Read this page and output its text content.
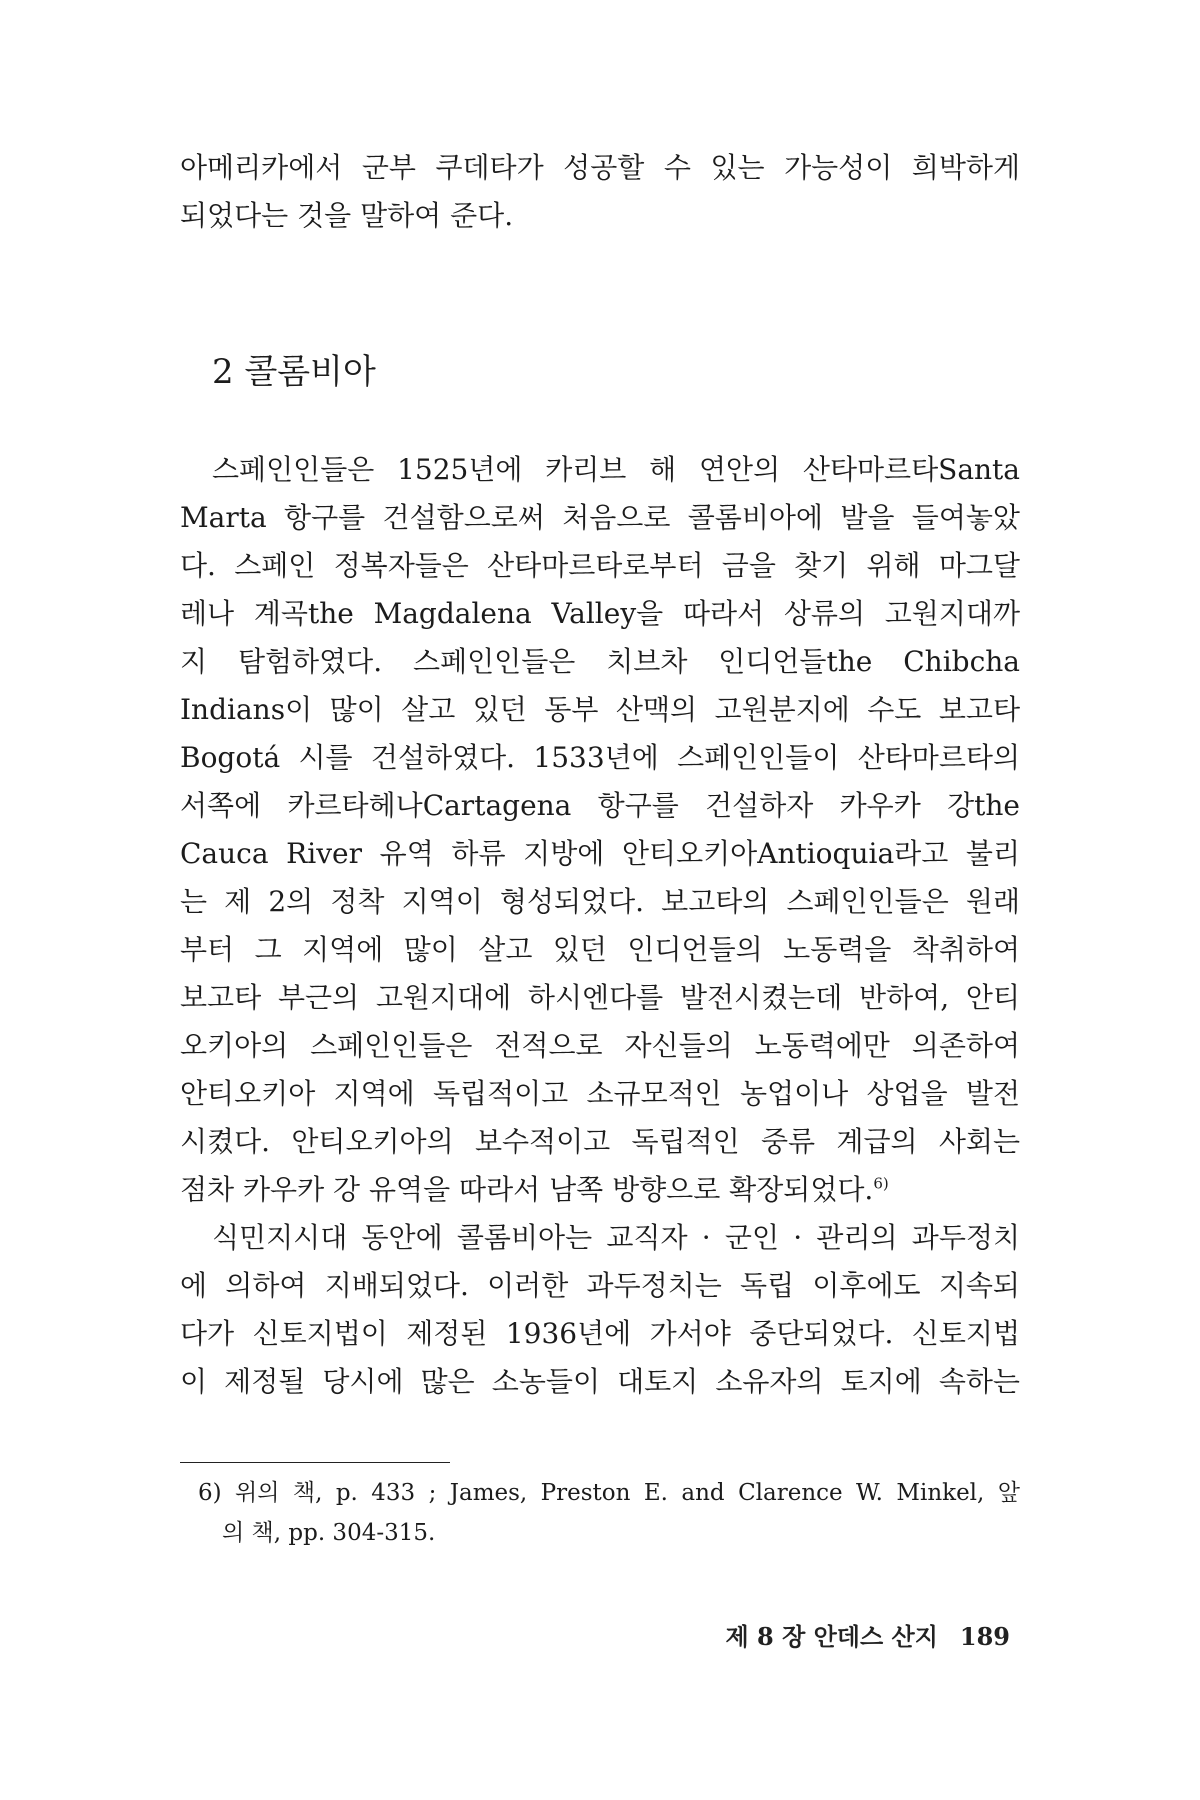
아메리카에서 군부 쿠데타가 성공할 수 있는 가능성이 희박하게
되었다는 것을 말하여 준다.
2 콜롬비아
스페인인들은 1525년에 카리브 해 연안의 산타마르타Santa
Marta 항구를 건설함으로써 처음으로 콜롬비아에 발을 들여놓았
다. 스페인 정복자들은 산타마르타로부터 금을 찾기 위해 마그달
레나 계곡the Magdalena Valley을 따라서 상류의 고원지대까
지 탐험하였다. 스페인인들은 치브차 인디언들the Chibcha
Indians이 많이 살고 있던 동부 산맥의 고원분지에 수도 보고타
Bogotá 시를 건설하였다. 1533년에 스페인인들이 산타마르타의
서쪽에 카르타헤나Cartagena 항구를 건설하자 카우카 강the
Cauca River 유역 하류 지방에 안티오키아Antioquia라고 불리
는 제 2의 정착 지역이 형성되었다. 보고타의 스페인인들은 원래
부터 그 지역에 많이 살고 있던 인디언들의 노동력을 착취하여
보고타 부근의 고원지대에 하시엔다를 발전시켰는데 반하여, 안티
오키아의 스페인인들은 전적으로 자신들의 노동력에만 의존하여
안티오키아 지역에 독립적이고 소규모적인 농업이나 상업을 발전
시켰다. 안티오키아의 보수적이고 독립적인 중류 계급의 사회는
점차 카우카 강 유역을 따라서 남쪽 방향으로 확장되었다.$^{6)}$
식민지시대 동안에 콜롬비아는 교직자 · 군인 · 관리의 과두정치
에 의하여 지배되었다. 이러한 과두정치는 독립 이후에도 지속되
다가 신토지법이 제정된 1936년에 가서야 중단되었다. 신토지법
이 제정될 당시에 많은 소농들이 대토지 소유자의 토지에 속하는
6) 위의 책, p. 433 ; James, Preston E. and Clarence W. Minkel, 앞
의 책, pp. 304-315.
제 8 장 안데스 산지 189
